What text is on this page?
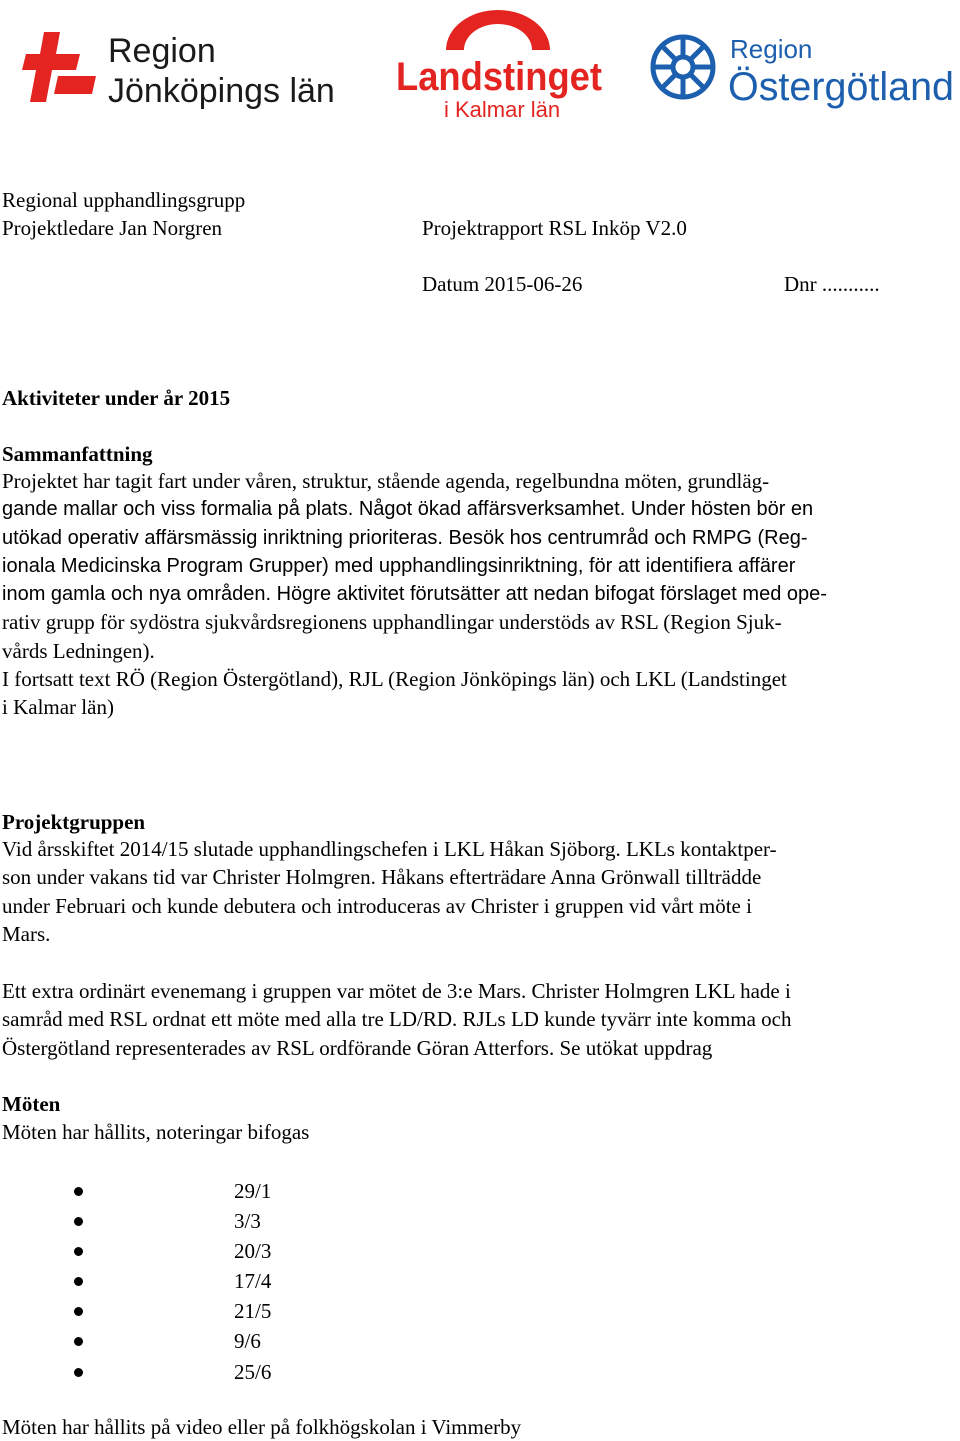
Region
Jönköpings län Landstinget
i Kalmar län
Region
Östergötland
Regional upphandlingsgrupp
Projektledare Jan Norgren	Projektrapport RSL Inköp V2.0
Datum 2015-06-26	Dnr ...........
Aktiviteter under år 2015
Sammanfattning
Projektet har tagit fart under våren, struktur, stående agenda, regelbundna möten, grundläg-
gande mallar och viss formalia på plats. Något ökad affärsverksamhet. Under hösten bör en
utökad operativ affärsmässig inriktning prioriteras. Besök hos centrumråd och RMPG (Reg-
ionala Medicinska Program Grupper) med upphandlingsinriktning, för att identifiera affärer
inom gamla och nya områden. Högre aktivitet förutsätter att nedan bifogat förslaget med ope-
rativ grupp för sydöstra sjukvårdsregionens upphandlingar understöds av RSL (Region Sjuk-
vårds Ledningen).
I fortsatt text RÖ (Region Östergötland), RJL (Region Jönköpings län) och LKL (Landstinget
i Kalmar län)
Projektgruppen
Vid årsskiftet 2014/15 slutade upphandlingschefen i LKL Håkan Sjöborg. LKLs kontaktper-
son under vakans tid var Christer Holmgren. Håkans efterträdare Anna Grönwall tillträdde
under Februari och kunde debutera och introduceras av Christer i gruppen vid vårt möte i
Mars.
Ett extra ordinärt evenemang i gruppen var mötet de 3:e Mars. Christer Holmgren LKL hade i
samråd med RSL ordnat ett möte med alla tre LD/RD. RJLs LD kunde tyvärr inte komma och
Östergötland representerades av RSL ordförande Göran Atterfors. Se utökat uppdrag
Möten
Möten har hållits, noteringar bifogas
29/1
3/3
20/3
17/4
21/5
9/6
25/6
Möten har hållits på video eller på folkhögskolan i Vimmerby
